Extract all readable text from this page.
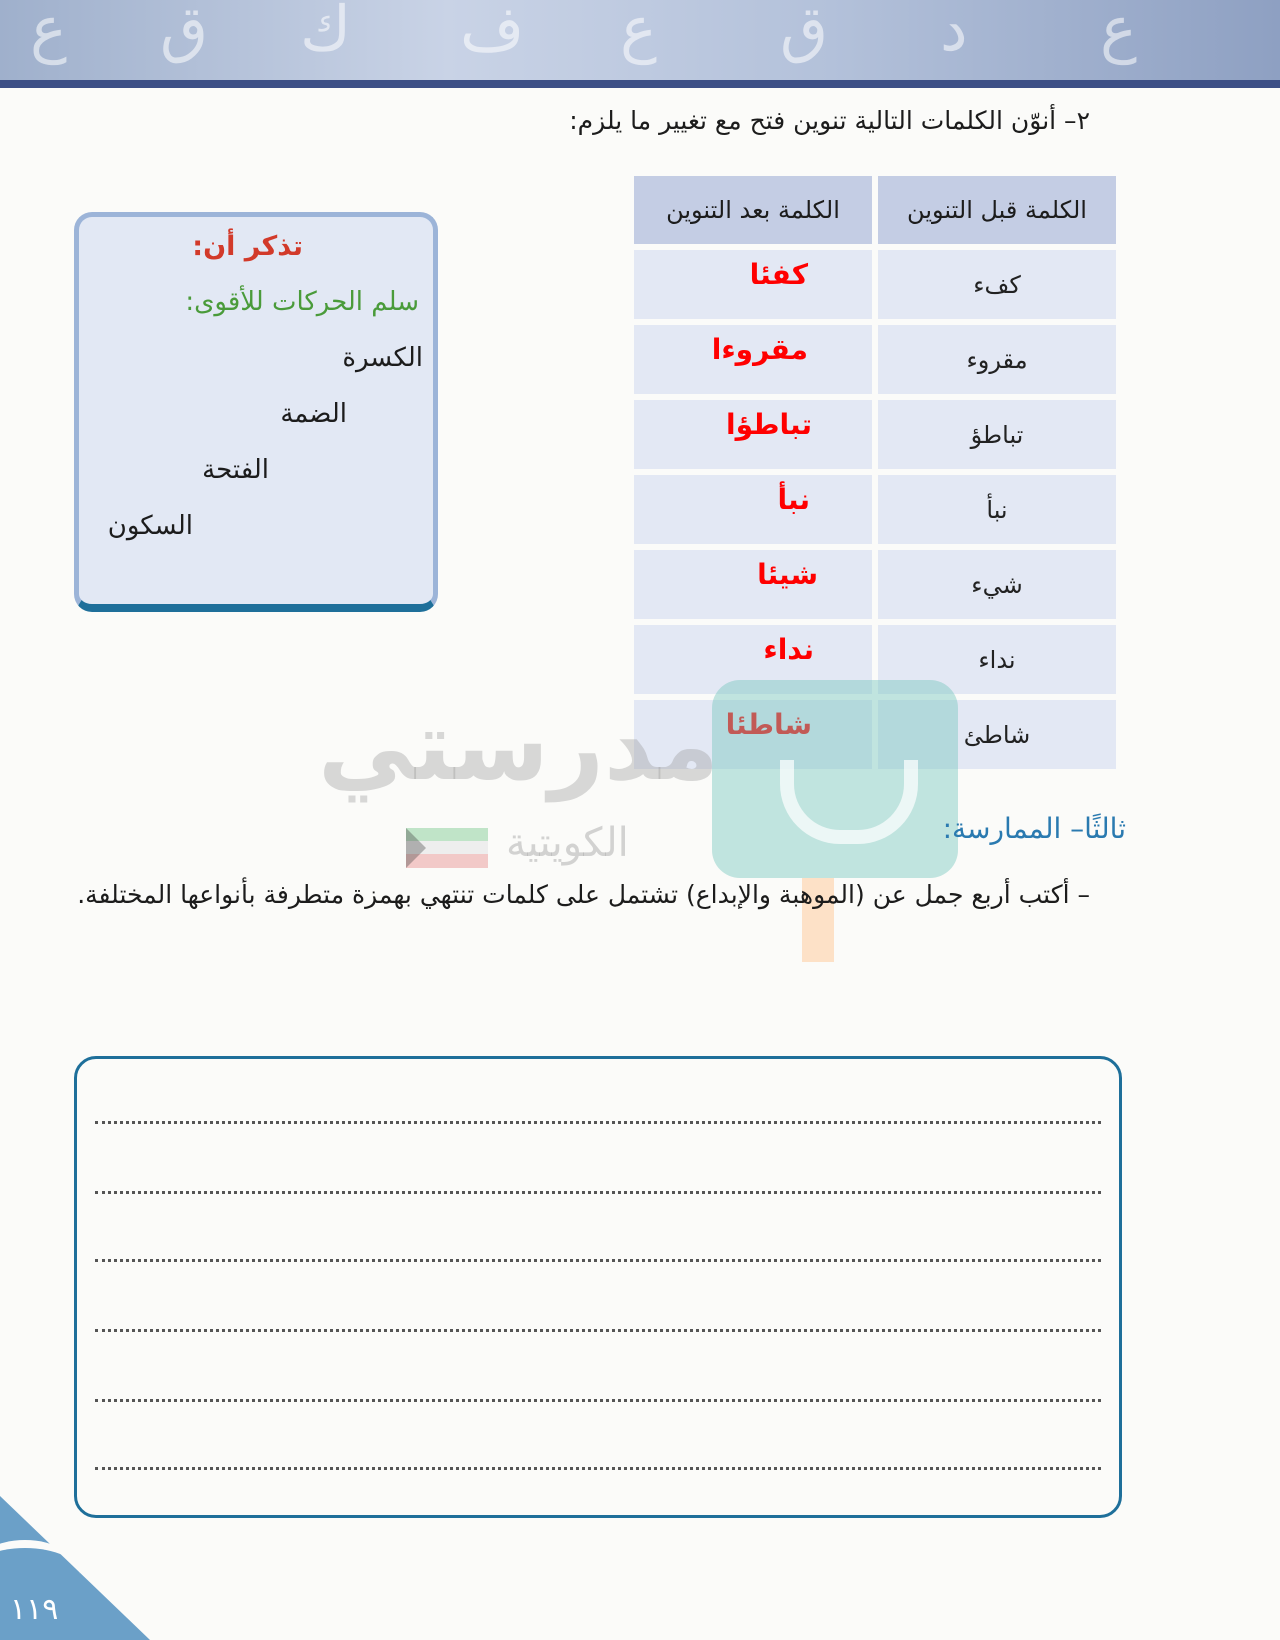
ع ق ك ف ع ق د ع
٢– أنوّن الكلمات التالية تنوين فتح مع تغيير ما يلزم:
الكلمة قبل التنوين	الكلمة بعد التنوين
كفء	كفئا

مقروء	مقروءا

تباطؤ	تباطؤا

نبأ	نبأ

شيء	شيئا

نداء	نداء

شاطئ	شاطئا
تذكر أن:
سلم الحركات للأقوى:
الكسرة
الضمة
الفتحة
السكون
مدرستي
الكويتية	ثالثًا– الممارسة:
– أكتب أربع جمل عن (الموهبة والإبداع) تشتمل على كلمات تنتهي بهمزة متطرفة بأنواعها المختلفة.
١١٩
